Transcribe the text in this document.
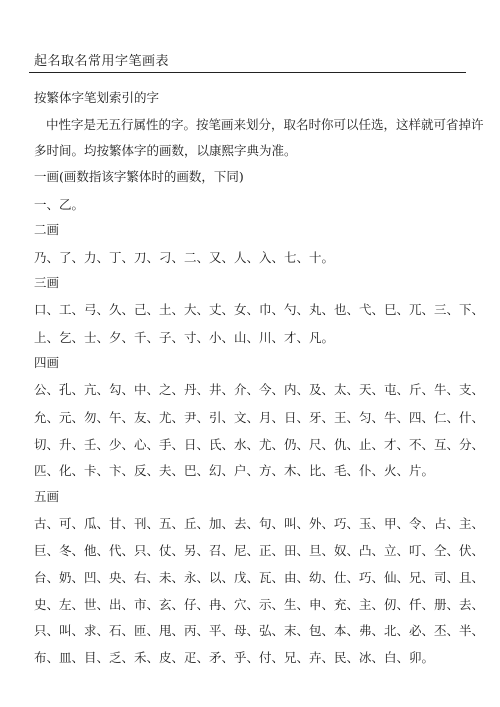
起名取名常用字笔画表
按繁体字笔划索引的字
中性字是无五行属性的字。按笔画来划分，取名时你可以任选，这样就可省掉许
多时间。均按繁体字的画数，以康熙字典为准。
一画(画数指该字繁体时的画数，下同)
一、乙。
二画
乃、了、力、丁、刀、刁、二、又、人、入、七、十。
三画
口、工、弓、久、己、土、大、丈、女、巾、勺、丸、也、弋、巳、兀、三、下、
上、乞、士、夕、千、子、寸、小、山、川、才、凡。
四画
公、孔、亢、勾、中、之、丹、井、介、今、内、及、太、天、屯、斤、牛、支、
允、元、勿、午、友、尤、尹、引、文、月、日、牙、王、匀、牛、四、仁、什、
切、升、壬、少、心、手、日、氏、水、尤、仍、尺、仇、止、才、不、互、分、
匹、化、卡、卞、反、夫、巴、幻、户、方、木、比、毛、仆、火、片。
五画
古、可、瓜、甘、刊、五、丘、加、去、句、叫、外、巧、玉、甲、令、占、主、
巨、冬、他、代、只、仗、另、召、尼、正、田、旦、奴、凸、立、叮、仝、伏、
台、奶、凹、央、右、未、永、以、戊、瓦、由、幼、仕、巧、仙、兄、司、且、
史、左、世、出、市、玄、仔、冉、穴、示、生、申、充、主、仞、仟、册、去、
只、叫、求、石、匝、甩、丙、平、母、弘、末、包、本、弗、北、必、丕、半、
布、皿、目、乏、禾、皮、疋、矛、乎、付、兄、卉、民、冰、白、卯。
